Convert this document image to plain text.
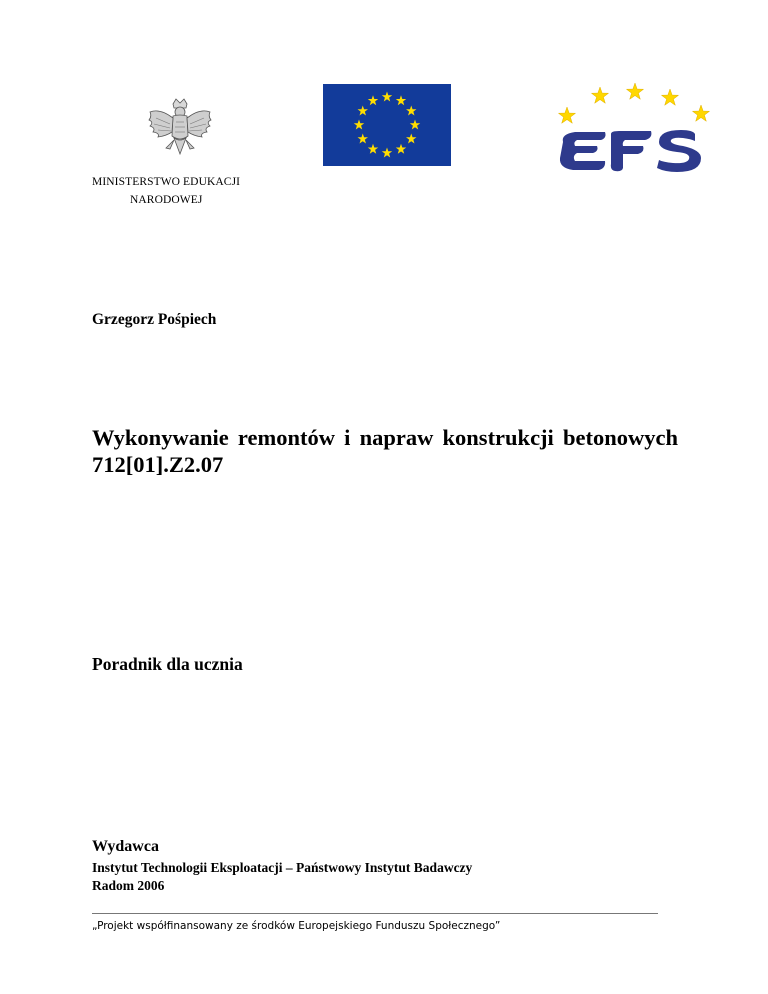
MINISTERSTWO EDUKACJI
NARODOWEJ
Grzegorz Pośpiech
Wykonywanie remontów i napraw konstrukcji betonowych
712[01].Z2.07
Poradnik dla ucznia
Wydawca
Instytut Technologii Eksploatacji – Państwowy Instytut Badawczy
Radom 2006
„Projekt współfinansowany ze środków Europejskiego Funduszu Społecznego”
